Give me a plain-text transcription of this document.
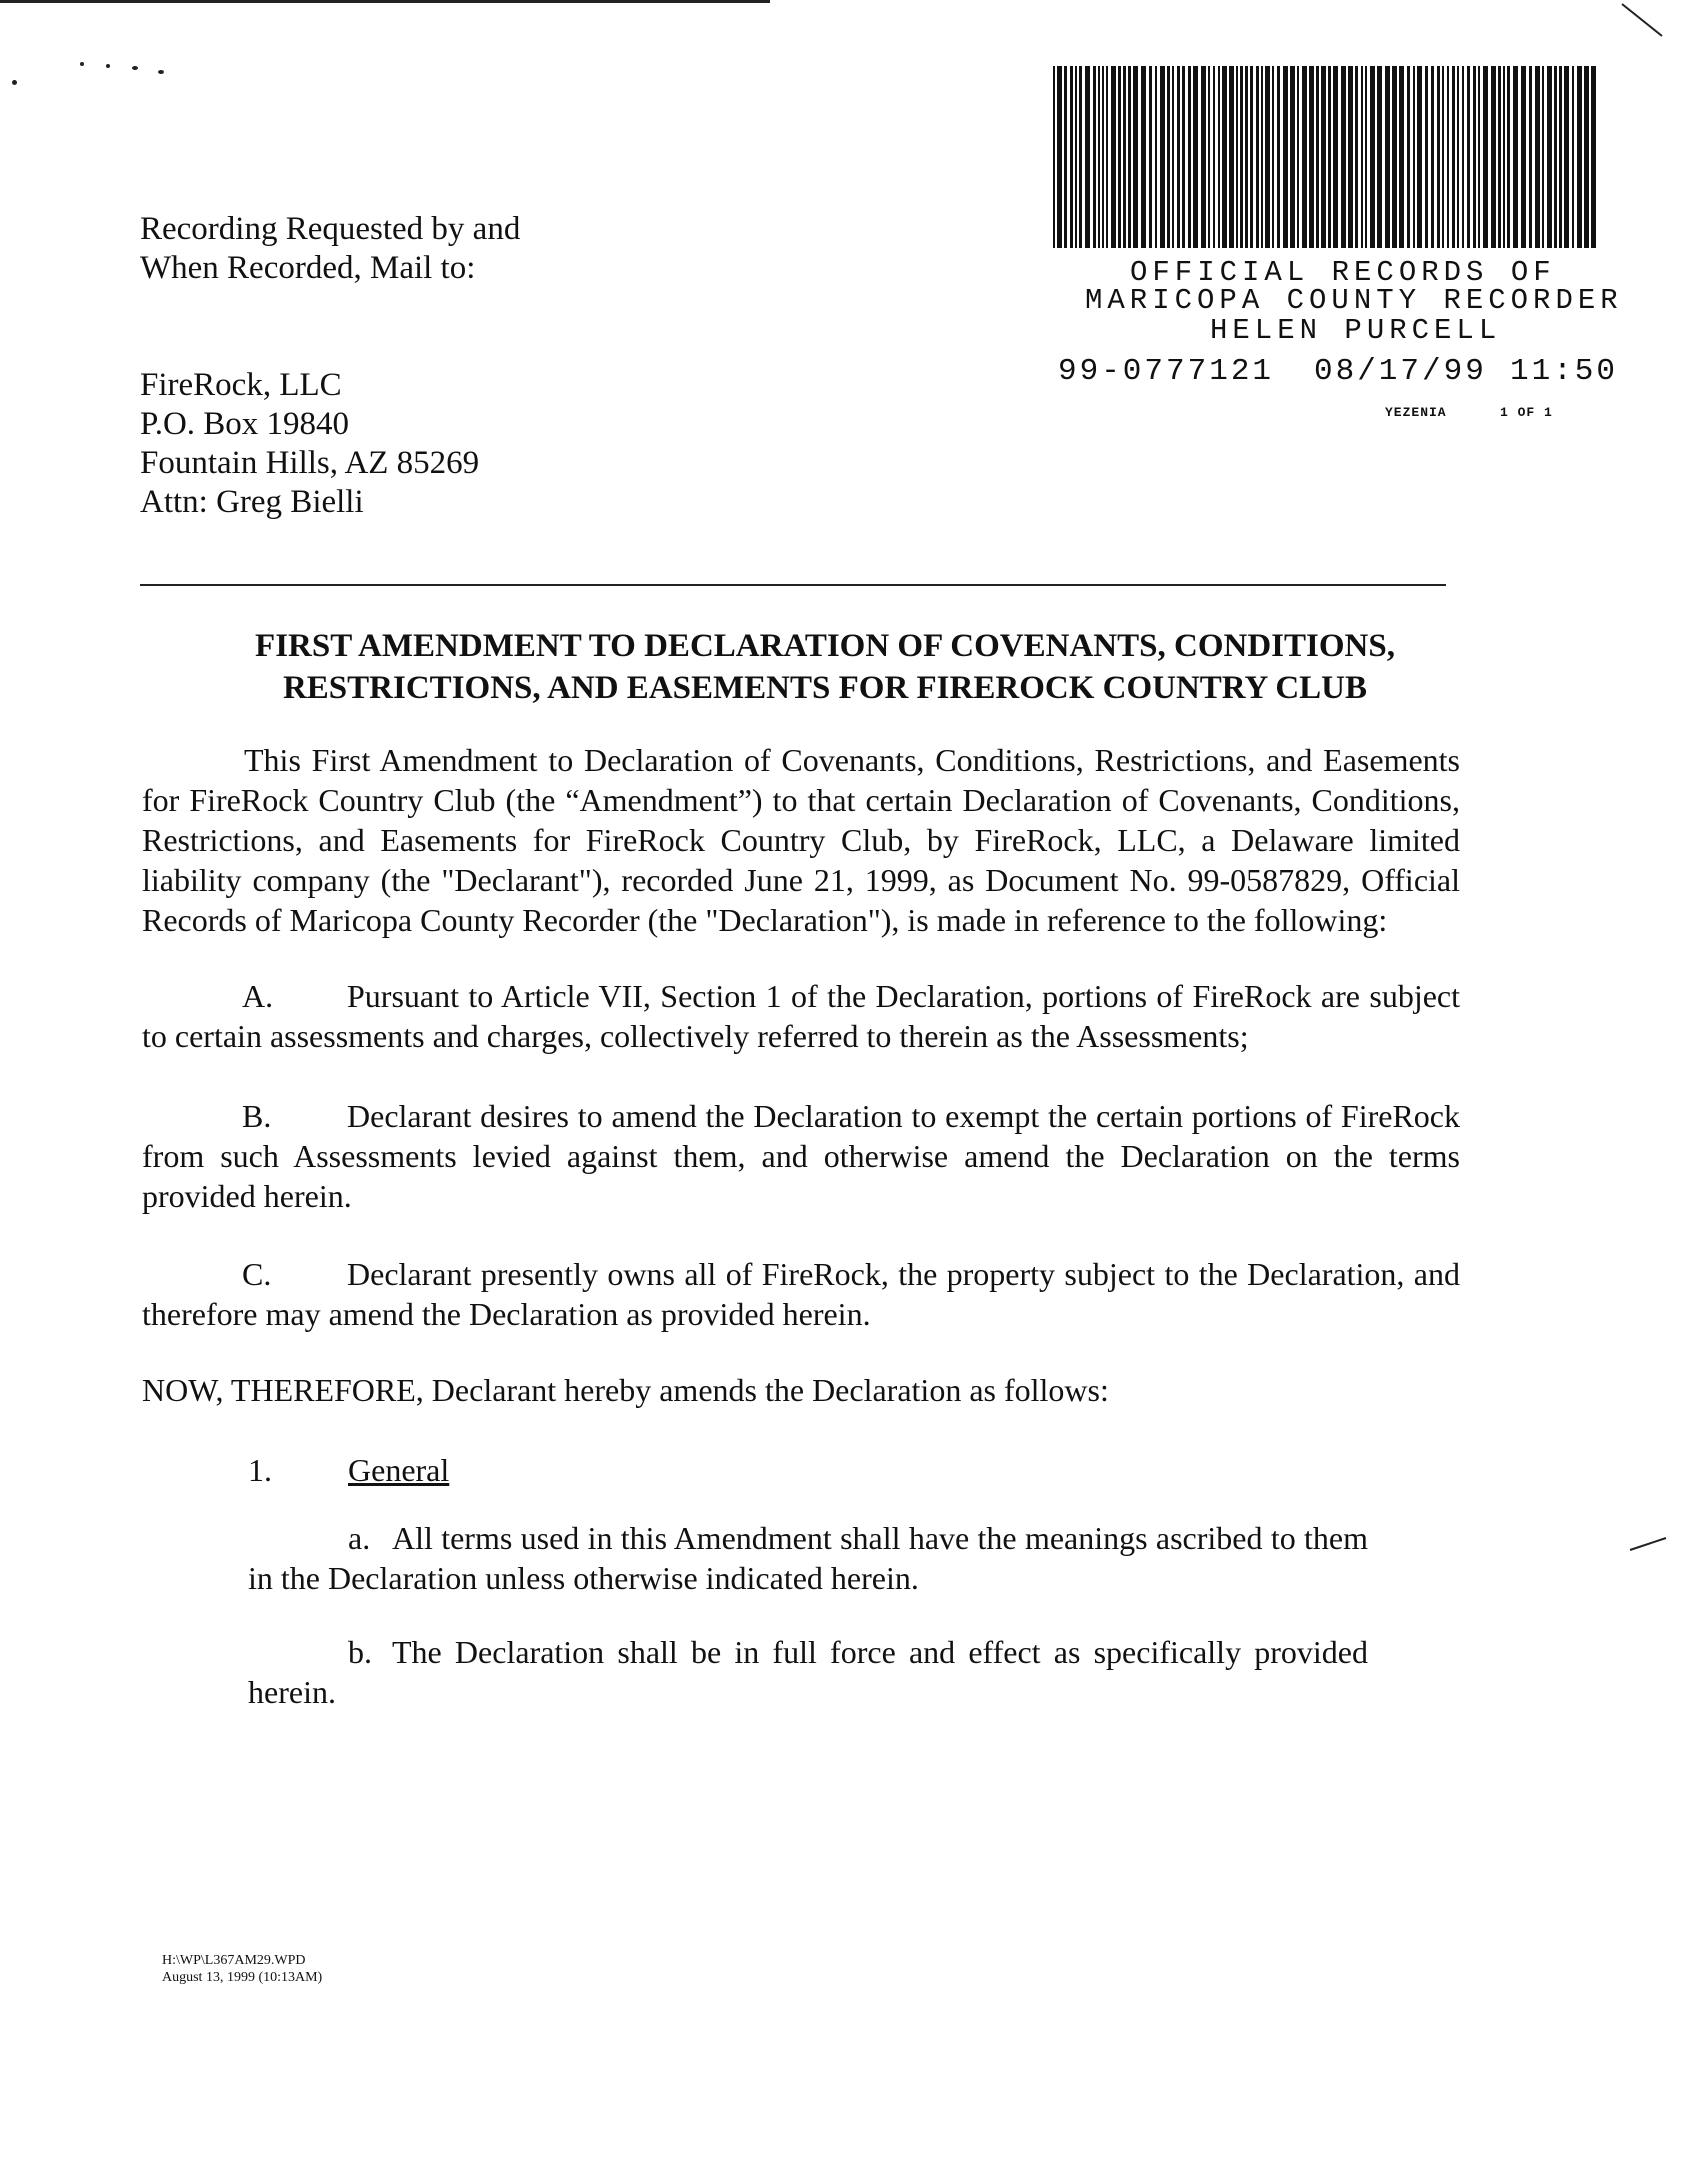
Recording Requested by and
When Recorded, Mail to:
FireRock, LLC
P.O. Box 19840
Fountain Hills, AZ 85269
Attn: Greg Bielli
OFFICIAL RECORDS OF
MARICOPA COUNTY RECORDER
HELEN PURCELL
99-0777121 08/17/99 11:50
YEZENIA	1 OF 1
FIRST AMENDMENT TO DECLARATION OF COVENANTS, CONDITIONS,
RESTRICTIONS, AND EASEMENTS FOR FIREROCK COUNTRY CLUB
This First Amendment to Declaration of Covenants, Conditions, Restrictions, and Easements for FireRock Country Club (the “Amendment”) to that certain Declaration of Covenants, Conditions, Restrictions, and Easements for FireRock Country Club, by FireRock, LLC, a Delaware limited liability company (the "Declarant"), recorded June 21, 1999, as Document No. 99-0587829, Official Records of Maricopa County Recorder (the "Declaration"), is made in reference to the following:
A. Pursuant to Article VII, Section 1 of the Declaration, portions of FireRock are subject to certain assessments and charges, collectively referred to therein as the Assessments;
B. Declarant desires to amend the Declaration to exempt the certain portions of FireRock from such Assessments levied against them, and otherwise amend the Declaration on the terms provided herein.
C. Declarant presently owns all of FireRock, the property subject to the Declaration, and therefore may amend the Declaration as provided herein.
NOW, THEREFORE, Declarant hereby amends the Declaration as follows:
1. General
a. All terms used in this Amendment shall have the meanings ascribed to them in the Declaration unless otherwise indicated herein.
b. The Declaration shall be in full force and effect as specifically provided herein.
H:\WP\L367AM29.WPD
August 13, 1999 (10:13AM)
